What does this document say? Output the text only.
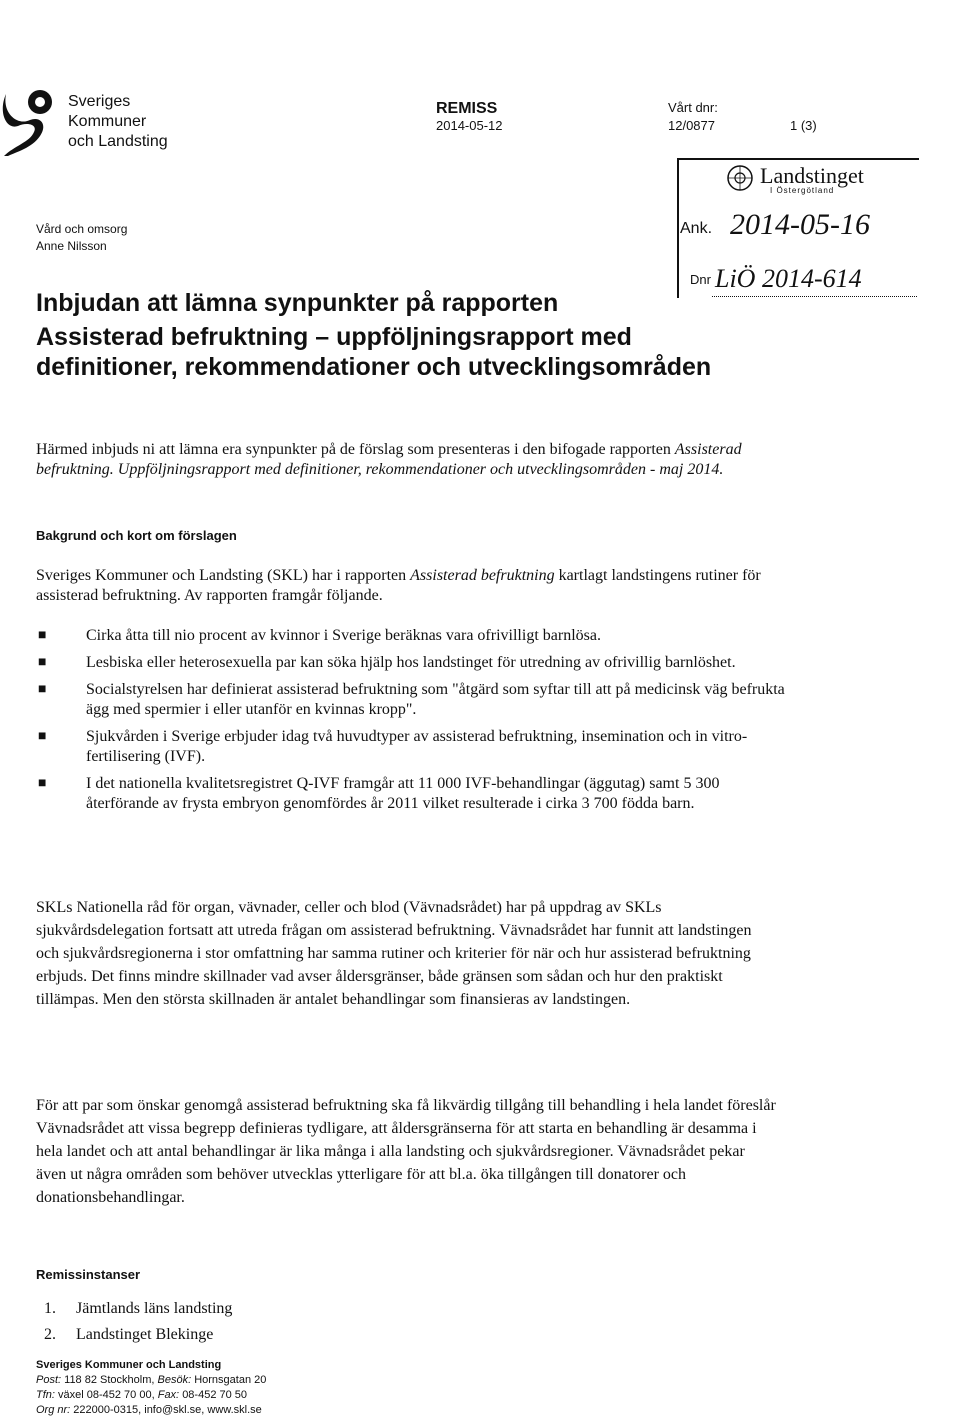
Sveriges
Kommuner
och Landsting
REMISS
2014-05-12
Vårt dnr:
12/0877	1 (3)
Vård och omsorg
Anne Nilsson
Landstinget
I Östergötland
Ank. 2014-05-16
Dnr LiÖ 2014-614
Inbjudan att lämna synpunkter på rapporten
Assisterad befruktning – uppföljningsrapport med definitioner, rekommendationer och utvecklingsområden
Härmed inbjuds ni att lämna era synpunkter på de förslag som presenteras i den bifogade rapporten Assisterad befruktning. Uppföljningsrapport med definitioner, rekommendationer och utvecklingsområden - maj 2014.
Bakgrund och kort om förslagen
Sveriges Kommuner och Landsting (SKL) har i rapporten Assisterad befruktning kartlagt landstingens rutiner för assisterad befruktning. Av rapporten framgår följande.
■ Cirka åtta till nio procent av kvinnor i Sverige beräknas vara ofrivilligt barnlösa.
■ Lesbiska eller heterosexuella par kan söka hjälp hos landstinget för utredning av ofrivillig barnlöshet.
■ Socialstyrelsen har definierat assisterad befruktning som "åtgärd som syftar till att på medicinsk väg befrukta ägg med spermier i eller utanför en kvinnas kropp".
■ Sjukvården i Sverige erbjuder idag två huvudtyper av assisterad befruktning, insemination och in vitro-fertilisering (IVF).
■ I det nationella kvalitetsregistret Q-IVF framgår att 11 000 IVF-behandlingar (äggutag) samt 5 300 återförande av frysta embryon genomfördes år 2011 vilket resulterade i cirka 3 700 födda barn.
SKLs Nationella råd för organ, vävnader, celler och blod (Vävnadsrådet) har på uppdrag av SKLs sjukvårdsdelegation fortsatt att utreda frågan om assisterad befruktning. Vävnadsrådet har funnit att landstingen och sjukvårdsregionerna i stor omfattning har samma rutiner och kriterier för när och hur assisterad befruktning erbjuds. Det finns mindre skillnader vad avser åldersgränser, både gränsen som sådan och hur den praktiskt tillämpas. Men den största skillnaden är antalet behandlingar som finansieras av landstingen.
För att par som önskar genomgå assisterad befruktning ska få likvärdig tillgång till behandling i hela landet föreslår Vävnadsrådet att vissa begrepp definieras tydligare, att åldersgränserna för att starta en behandling är desamma i hela landet och att antal behandlingar är lika många i alla landsting och sjukvårdsregioner. Vävnadsrådet pekar även ut några områden som behöver utvecklas ytterligare för att bl.a. öka tillgången till donatorer och donationsbehandlingar.
Remissinstanser
1. Jämtlands läns landsting
2. Landstinget Blekinge
Sveriges Kommuner och Landsting
Post: 118 82 Stockholm, Besök: Hornsgatan 20
Tfn: växel 08-452 70 00, Fax: 08-452 70 50
Org nr: 222000-0315, info@skl.se, www.skl.se
